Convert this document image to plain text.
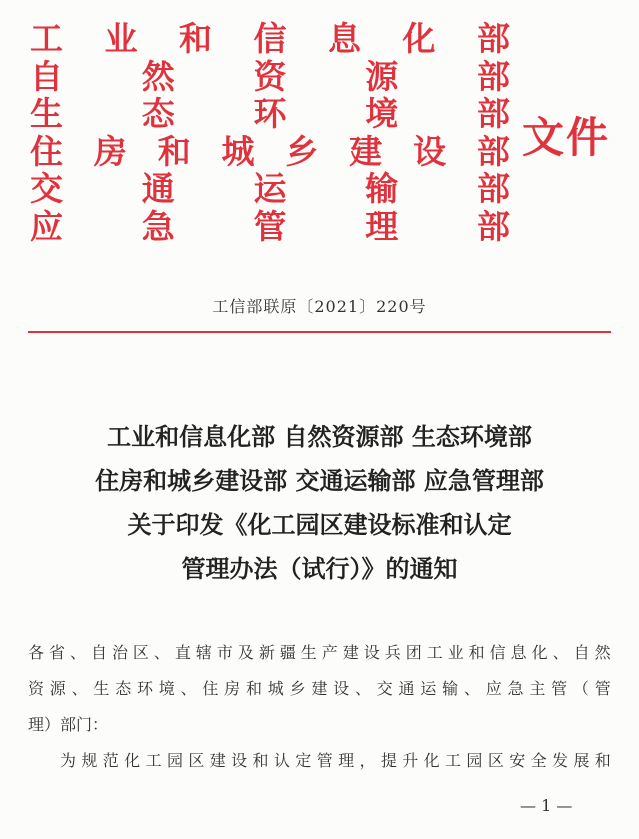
工 业 和 信 息 化 部
自 然 资 源 部
生 态 环 境 部
住 房 和 城 乡 建 设 部
交 通 运 输 部
应 急 管 理 部
文件
工信部联原〔2021〕220号
工业和信息化部 自然资源部 生态环境部
住房和城乡建设部 交通运输部 应急管理部
关于印发《化工园区建设标准和认定
管理办法（试行）》的通知
各 省 、 自 治 区 、 直 辖 市 及 新 疆 生 产 建 设 兵 团 工 业 和 信 息 化 、 自 然
资 源 、 生 态 环 境 、 住 房 和 城 乡 建 设 、 交 通 运 输 、 应 急 主 管 （ 管
理）部门：
为 规 范 化 工 园 区 建 设 和 认 定 管 理 ， 提 升 化 工 园 区 安 全 发 展 和
— 1 —
